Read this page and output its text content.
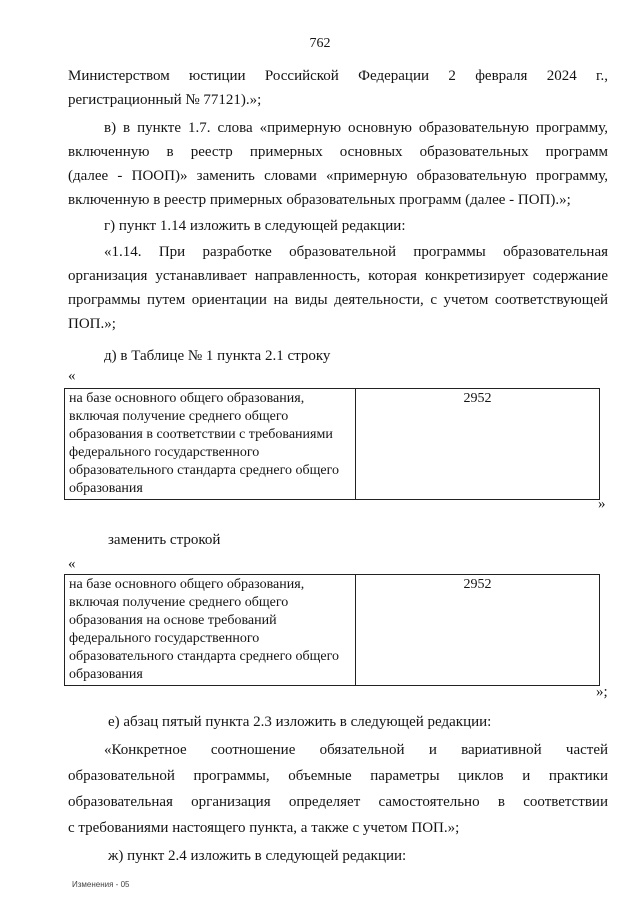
762
Министерством юстиции Российской Федерации 2 февраля 2024 г.,
регистрационный № 77121).»;
в) в пункте 1.7. слова «примерную основную образовательную программу,
включенную в реестр примерных основных образовательных программ
(далее - ПООП)» заменить словами «примерную образовательную программу,
включенную в реестр примерных образовательных программ (далее - ПОП).»;
г) пункт 1.14 изложить в следующей редакции:
«1.14. При разработке образовательной программы образовательная
организация устанавливает направленность, которая конкретизирует содержание
программы путем ориентации на виды деятельности, с учетом соответствующей
ПОП.»;
д) в Таблице № 1 пункта 2.1 строку
«
на базе основного общего образования, включая получение среднего общего образования в соответствии с требованиями федерального государственного образовательного стандарта среднего общего образования	2952
»
заменить строкой
«
на базе основного общего образования, включая получение среднего общего образования на основе требований федерального государственного образовательного стандарта среднего общего образования	2952
»;
е) абзац пятый пункта 2.3 изложить в следующей редакции:
«Конкретное соотношение обязательной и вариативной частей
образовательной программы, объемные параметры циклов и практики
образовательная организация определяет самостоятельно в соответствии
с требованиями настоящего пункта, а также с учетом ПОП.»;
ж) пункт 2.4 изложить в следующей редакции:
Изменения - 05
